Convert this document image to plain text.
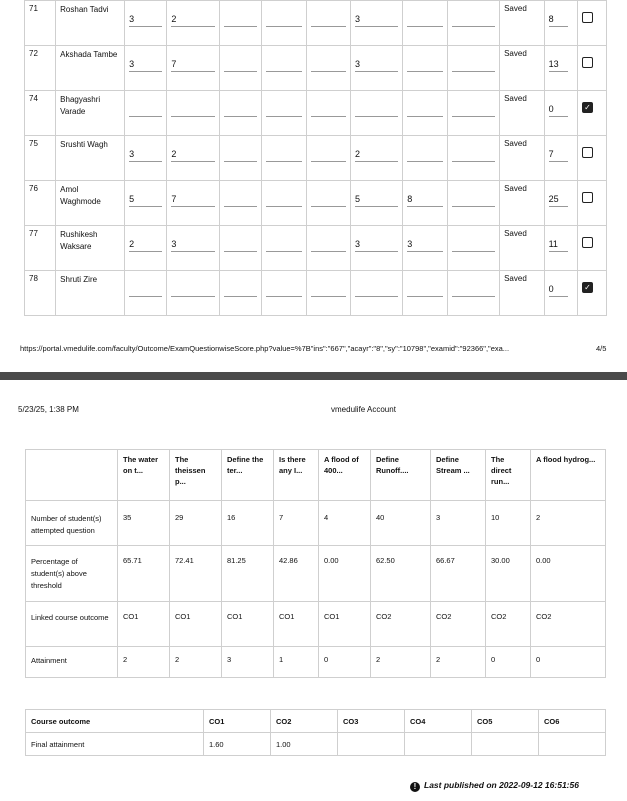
71	Roshan Tadvi	3	2				3			Saved	8	

72	Akshada Tambe	3	7				3			Saved	13	

74	Bhagyashri Varade									Saved	0	✓
75	Srushti Wagh	3	2				2			Saved	7	

76	Amol Waghmode	5	7				5	8		Saved	25	

77	Rushikesh Waksare	2	3				3	3		Saved	11	

78	Shruti Zire									Saved	0	✓
https://portal.vmedulife.com/faculty/Outcome/ExamQuestionwiseScore.php?value=%7B"ins":"667","acayr":"8","sy":"10798","examid":"92366","exa...	4/5
5/23/25, 1:38 PM	vmedulife Account
	The water on t...	The theissen p...	Define the ter...	Is there any I...	A flood of 400...	Define Runoff....	Define Stream ...	The direct run...	A flood hydrog...
Number of student(s) attempted question	35	29	16	7	4	40	3	10	2
Percentage of student(s) above threshold	65.71	72.41	81.25	42.86	0.00	62.50	66.67	30.00	0.00
Linked course outcome	CO1	CO1	CO1	CO1	CO1	CO2	CO2	CO2	CO2
Attainment	2	2	3	1	0	2	2	0	0
Course outcome	CO1	CO2	CO3	CO4	CO5	CO6
Final attainment	1.60	1.00				
! Last published on 2022-09-12 16:51:56
